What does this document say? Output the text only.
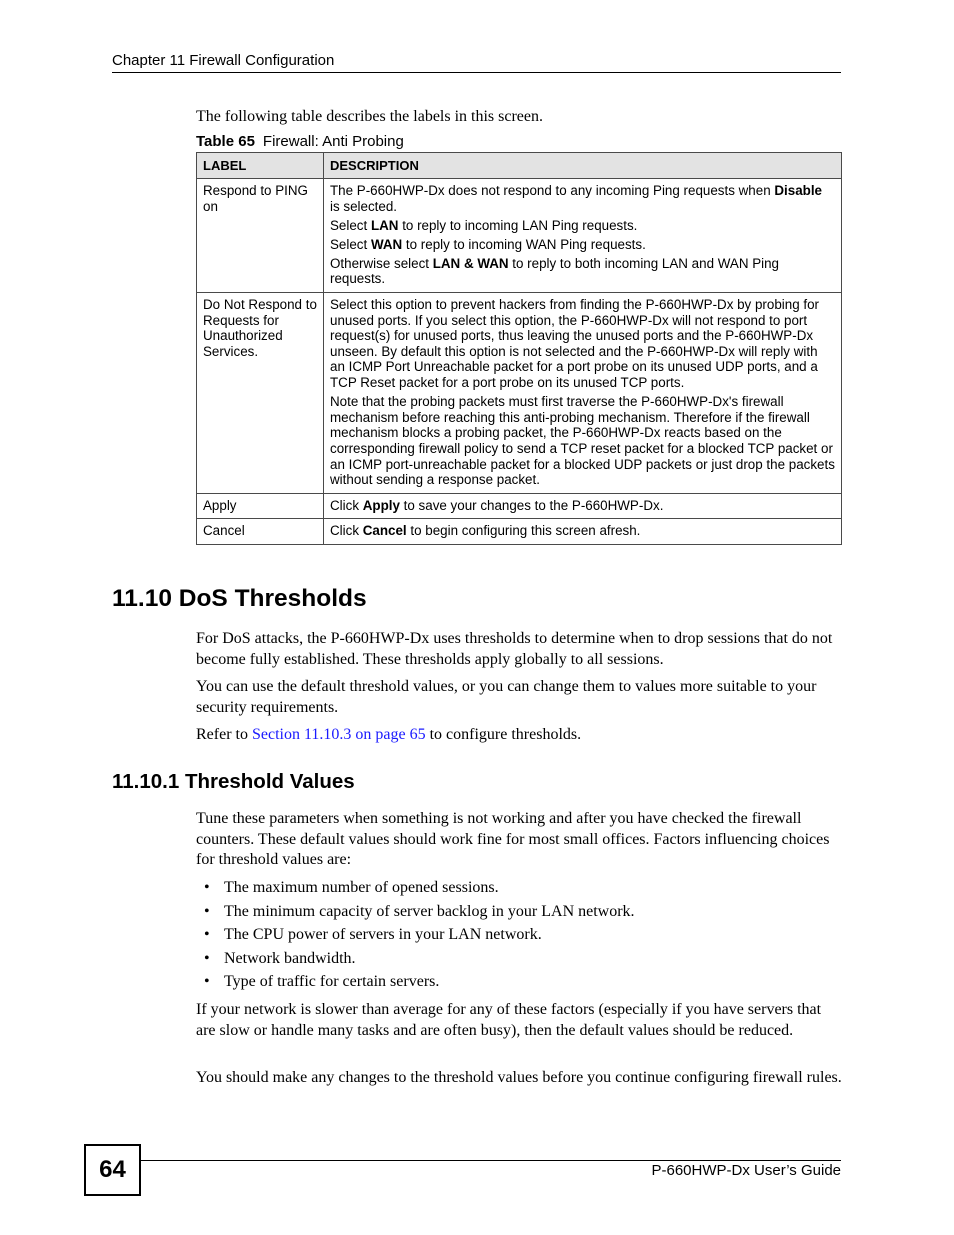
Chapter 11 Firewall Configuration

The following table describes the labels in this screen.

Table 65 Firewall: Anti Probing
LABEL	DESCRIPTION
Respond to PING on	The P-660HWP-Dx does not respond to any incoming Ping requests when Disable is selected.

Select LAN to reply to incoming LAN Ping requests.

Select WAN to reply to incoming WAN Ping requests.

Otherwise select LAN & WAN to reply to both incoming LAN and WAN Ping requests.

Do Not Respond to Requests for Unauthorized Services.	Select this option to prevent hackers from finding the P-660HWP-Dx by probing for unused ports. If you select this option, the P-660HWP-Dx will not respond to port request(s) for unused ports, thus leaving the unused ports and the P-660HWP-Dx unseen. By default this option is not selected and the P-660HWP-Dx will reply with an ICMP Port Unreachable packet for a port probe on its unused UDP ports, and a TCP Reset packet for a port probe on its unused TCP ports.

Note that the probing packets must first traverse the P-660HWP-Dx's firewall mechanism before reaching this anti-probing mechanism. Therefore if the firewall mechanism blocks a probing packet, the P-660HWP-Dx reacts based on the corresponding firewall policy to send a TCP reset packet for a blocked TCP packet or an ICMP port-unreachable packet for a blocked UDP packets or just drop the packets without sending a response packet.

Apply	Click Apply to save your changes to the P-660HWP-Dx.

Cancel	Click Cancel to begin configuring this screen afresh.

11.10 DoS Thresholds

For DoS attacks, the P-660HWP-Dx uses thresholds to determine when to drop sessions that do not become fully established. These thresholds apply globally to all sessions.

You can use the default threshold values, or you can change them to values more suitable to your security requirements.

Refer to Section 11.10.3 on page 65 to configure thresholds.

11.10.1 Threshold Values

Tune these parameters when something is not working and after you have checked the firewall counters. These default values should work fine for most small offices. Factors influencing choices for threshold values are:

• The maximum number of opened sessions.
• The minimum capacity of server backlog in your LAN network.
• The CPU power of servers in your LAN network.
• Network bandwidth.
• Type of traffic for certain servers.

If your network is slower than average for any of these factors (especially if you have servers that are slow or handle many tasks and are often busy), then the default values should be reduced.

You should make any changes to the threshold values before you continue configuring firewall rules.

64	P-660HWP-Dx User’s Guide
